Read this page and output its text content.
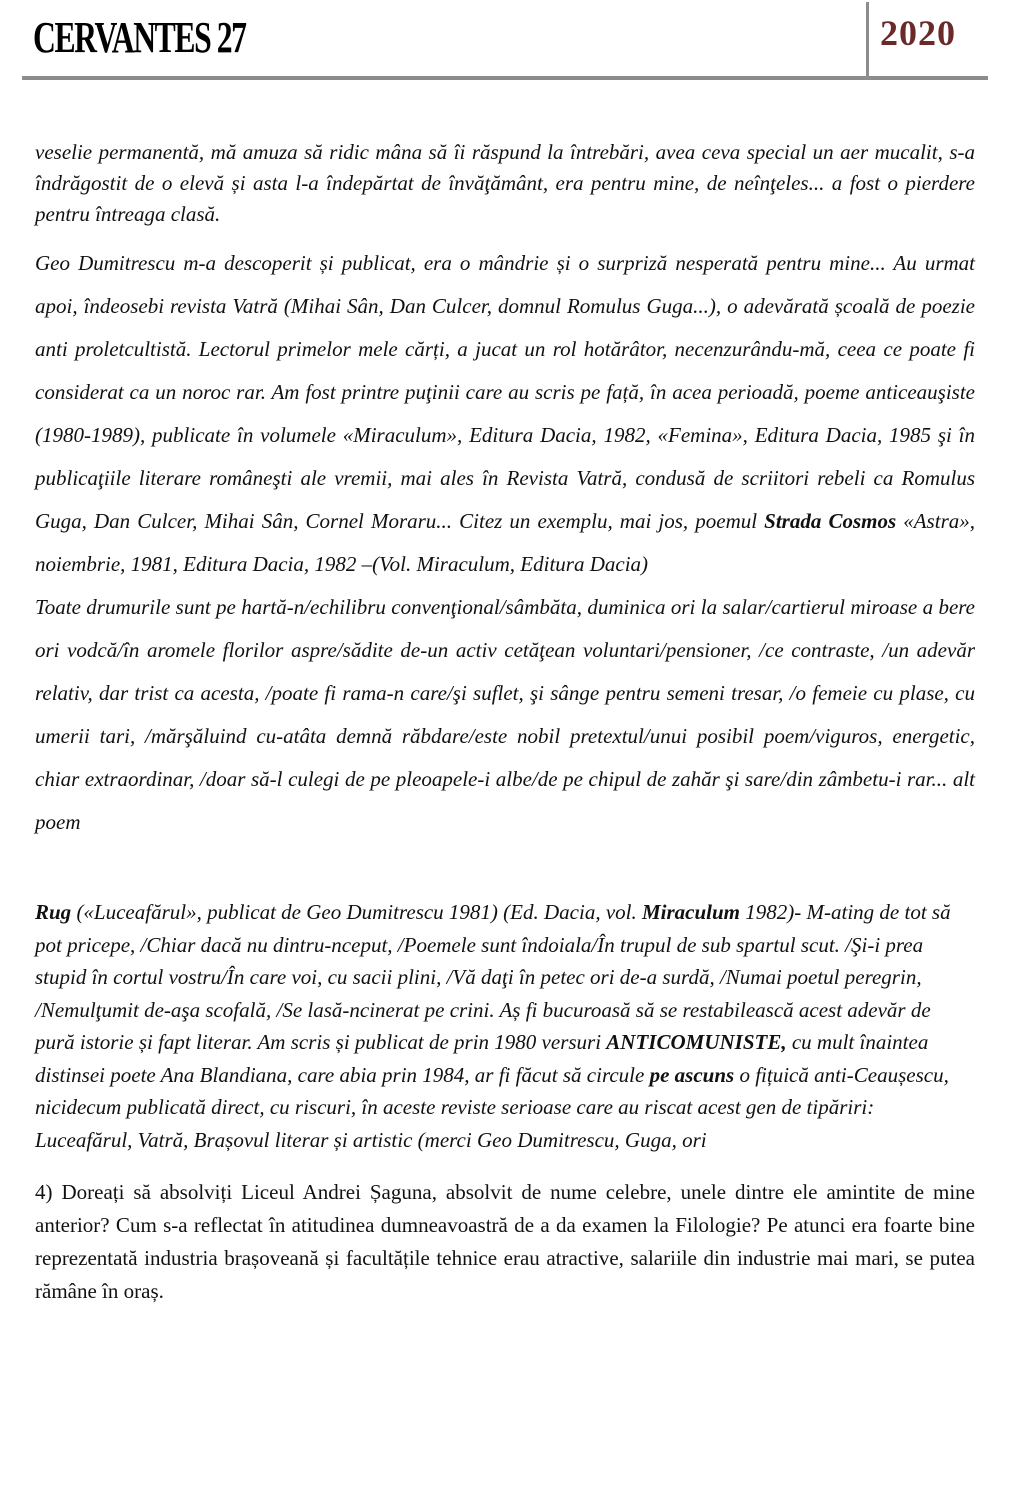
CERVANTES 27	2020

veselie permanentă, mă amuza să ridic mâna să îi răspund la întrebări, avea ceva special un aer mucalit, s-a îndrăgostit de o elevă și asta l-a îndepărtat de învăţământ, era pentru mine, de neînţeles... a fost o pierdere pentru întreaga clasă.

Geo Dumitrescu m-a descoperit și publicat, era o mândrie și o surpriză nesperată pentru mine... Au urmat apoi, îndeosebi revista Vatră (Mihai Sân, Dan Culcer, domnul Romulus Guga...), o adevărată școală de poezie anti proletcultistă. Lectorul primelor mele cărți, a jucat un rol hotărâtor, necenzurându-mă, ceea ce poate fi considerat ca un noroc rar. Am fost printre puţinii care au scris pe față, în acea perioadă, poeme anticeauşiste (1980-1989), publicate în volumele «Miraculum», Editura Dacia, 1982, «Femina», Editura Dacia, 1985 şi în publicaţiile literare româneşti ale vremii, mai ales în Revista Vatră, condusă de scriitori rebeli ca Romulus Guga, Dan Culcer, Mihai Sân, Cornel Moraru... Citez un exemplu, mai jos, poemul Strada Cosmos «Astra», noiembrie, 1981, Editura Dacia, 1982 –(Vol. Miraculum, Editura Dacia)

Toate drumurile sunt pe hartă-n/echilibru convenţional/sâmbăta, duminica ori la salar/cartierul miroase a bere ori vodcă/în aromele florilor aspre/sădite de-un activ cetăţean voluntari/pensioner, /ce contraste, /un adevăr relativ, dar trist ca acesta, /poate fi rama-n care/şi suflet, şi sânge pentru semeni tresar, /o femeie cu plase, cu umerii tari, /mărşăluind cu-atâta demnă răbdare/este nobil pretextul/unui posibil poem/viguros, energetic, chiar extraordinar, /doar să-l culegi de pe pleoapele-i albe/de pe chipul de zahăr şi sare/din zâmbetu-i rar... alt poem

Rug («Luceafărul», publicat de Geo Dumitrescu 1981) (Ed. Dacia, vol. Miraculum 1982)- M-ating de tot să pot pricepe, /Chiar dacă nu dintru-nceput, /Poemele sunt îndoiala/În trupul de sub spartul scut. /Şi-i prea stupid în cortul vostru/În care voi, cu sacii plini, /Vă daţi în petec ori de-a surdă, /Numai poetul peregrin, /Nemulţumit de-aşa scofală, /Se lasă-ncinerat pe crini. Aș fi bucuroasă să se restabilească acest adevăr de pură istorie și fapt literar. Am scris și publicat de prin 1980 versuri ANTICOMUNISTE, cu mult înaintea distinsei poete Ana Blandiana, care abia prin 1984, ar fi făcut să circule pe ascuns o fițuică anti-Ceaușescu, nicidecum publicată direct, cu riscuri, în aceste reviste serioase care au riscat acest gen de tipăriri: Luceafărul, Vatră, Brașovul literar și artistic (merci Geo Dumitrescu, Guga, ori

4) Doreați să absolviți Liceul Andrei Șaguna, absolvit de nume celebre, unele dintre ele amintite de mine anterior? Cum s-a reflectat în atitudinea dumneavoastră de a da examen la Filologie? Pe atunci era foarte bine reprezentată industria brașoveană și facultățile tehnice erau atractive, salariile din industrie mai mari, se putea rămâne în oraș.
